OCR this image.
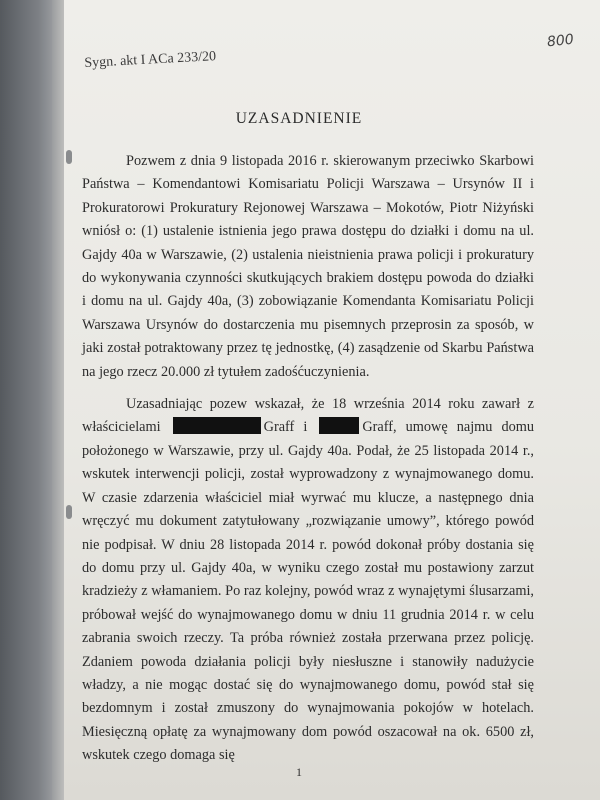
800
Sygn. akt I ACa 233/20
UZASADNIENIE

Pozwem z dnia 9 listopada 2016 r. skierowanym przeciwko Skarbowi Państwa – Komendantowi Komisariatu Policji Warszawa – Ursynów II i Prokuratorowi Prokuratury Rejonowej Warszawa – Mokotów, Piotr Niżyński wniósł o: (1) ustalenie istnienia jego prawa dostępu do działki i domu na ul. Gajdy 40a w Warszawie, (2) ustalenia nieistnienia prawa policji i prokuratury do wykonywania czynności skutkujących brakiem dostępu powoda do działki i domu na ul. Gajdy 40a, (3) zobowiązanie Komendanta Komisariatu Policji Warszawa Ursynów do dostarczenia mu pisemnych przeprosin za sposób, w jaki został potraktowany przez tę jednostkę, (4) zasądzenie od Skarbu Państwa na jego rzecz 20.000 zł tytułem zadośćuczynienia.

Uzasadniając pozew wskazał, że 18 września 2014 roku zawarł z właścicielami	Graff i	Graff, umowę najmu domu położonego w Warszawie, przy ul. Gajdy 40a. Podał, że 25 listopada 2014 r., wskutek interwencji policji, został wyprowadzony z wynajmowanego domu. W czasie zdarzenia właściciel miał wyrwać mu klucze, a następnego dnia wręczyć mu dokument zatytułowany „rozwiązanie umowy”, którego powód nie podpisał. W dniu 28 listopada 2014 r. powód dokonał próby dostania się do domu przy ul. Gajdy 40a, w wyniku czego został mu postawiony zarzut kradzieży z włamaniem. Po raz kolejny, powód wraz z wynajętymi ślusarzami, próbował wejść do wynajmowanego domu w dniu 11 grudnia 2014 r. w celu zabrania swoich rzeczy. Ta próba również została przerwana przez policję. Zdaniem powoda działania policji były niesłuszne i stanowiły nadużycie władzy, a nie mogąc dostać się do wynajmowanego domu, powód stał się bezdomnym i został zmuszony do wynajmowania pokojów w hotelach. Miesięczną opłatę za wynajmowany dom powód oszacował na ok. 6500 zł, wskutek czego domaga się

1
